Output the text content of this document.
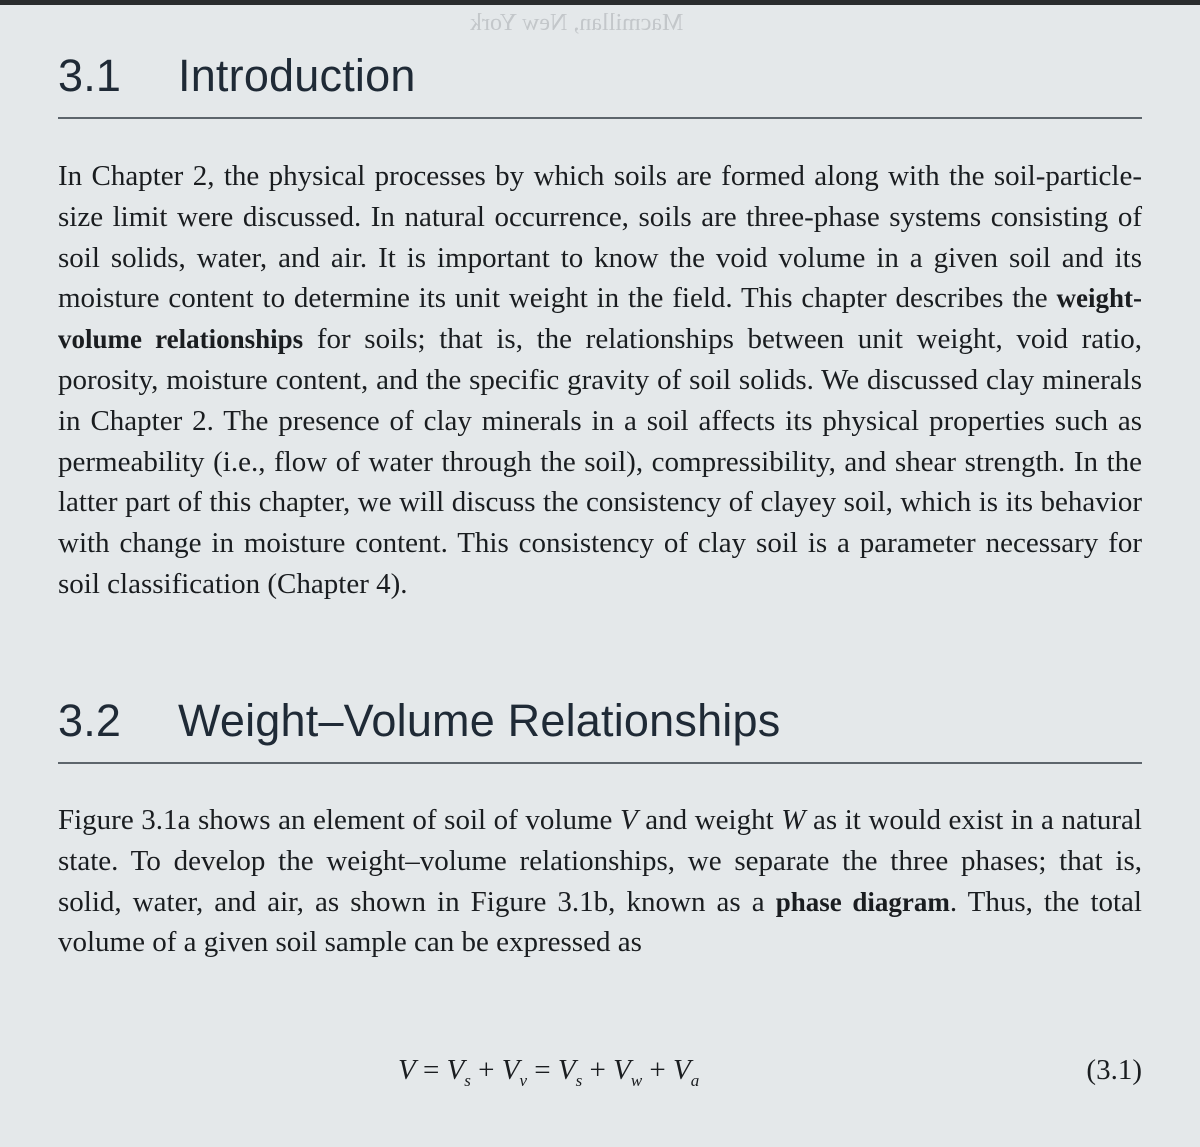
Macmillan, New York
3.1 Introduction

In Chapter 2, the physical processes by which soils are formed along with the soil-particle-size limit were discussed. In natural occurrence, soils are three-phase systems consisting of soil solids, water, and air. It is important to know the void volume in a given soil and its moisture content to determine its unit weight in the field. This chapter describes the weight-volume relationships for soils; that is, the relationships between unit weight, void ratio, porosity, moisture content, and the specific gravity of soil solids. We discussed clay minerals in Chapter 2. The presence of clay minerals in a soil affects its physical properties such as permeability (i.e., flow of water through the soil), compressibility, and shear strength. In the latter part of this chapter, we will discuss the consistency of clayey soil, which is its behavior with change in moisture content. This consistency of clay soil is a parameter necessary for soil classification (Chapter 4).

3.2 Weight–Volume Relationships

Figure 3.1a shows an element of soil of volume V and weight W as it would exist in a natural state. To develop the weight–volume relationships, we separate the three phases; that is, solid, water, and air, as shown in Figure 3.1b, known as a phase diagram. Thus, the total volume of a given soil sample can be expressed as

$V = V_s + V_v = V_s + V_w + V_a$	(3.1)
